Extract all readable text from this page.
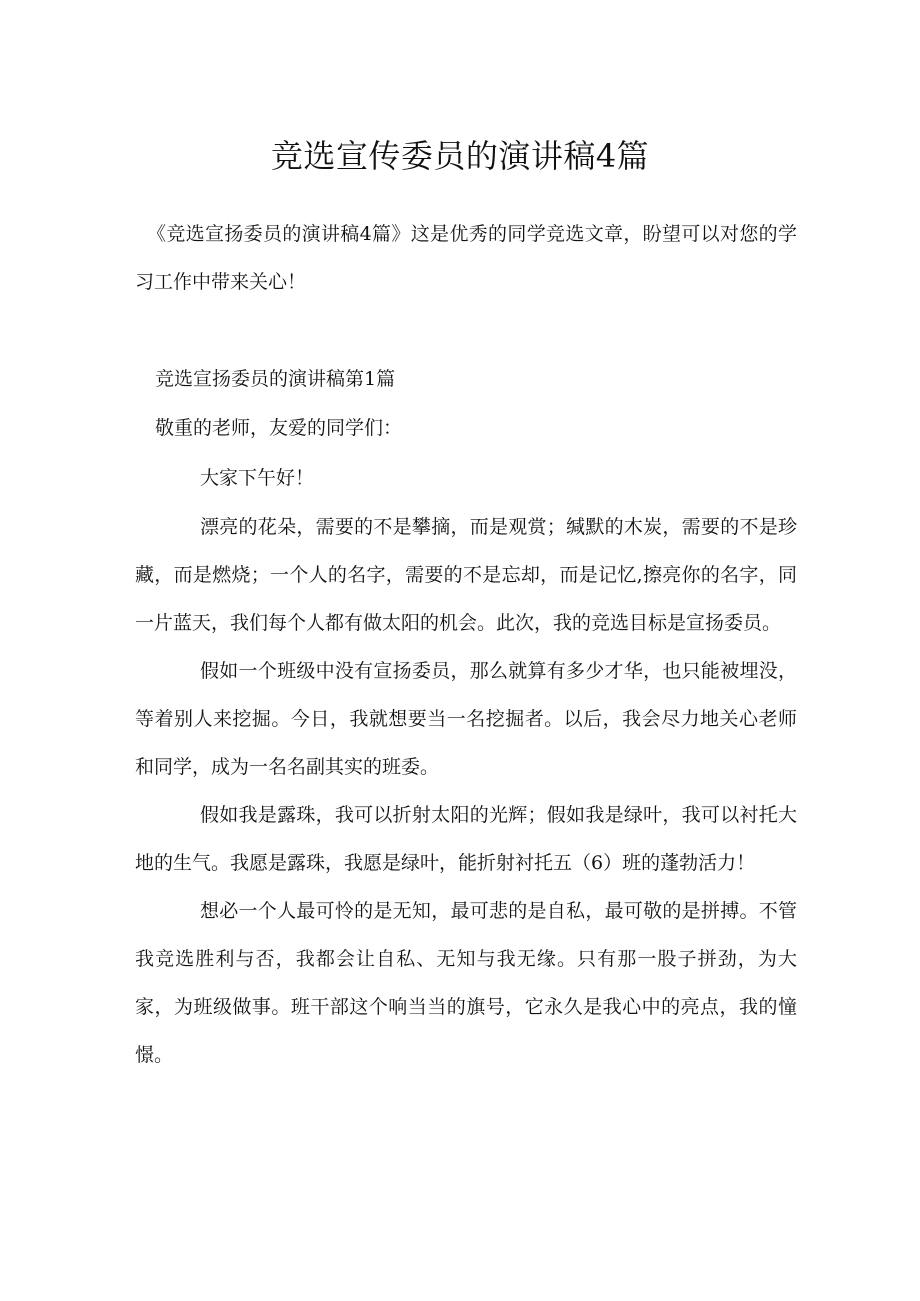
竞选宣传委员的演讲稿4篇

《竞选宣扬委员的演讲稿4篇》这是优秀的同学竞选文章，盼望可以对您的学习工作中带来关心！

竞选宣扬委员的演讲稿第1篇

敬重的老师，友爱的同学们：

大家下午好！

漂亮的花朵，需要的不是攀摘，而是观赏；缄默的木炭，需要的不是珍藏，而是燃烧；一个人的名字，需要的不是忘却，而是记忆,擦亮你的名字，同一片蓝天，我们每个人都有做太阳的机会。此次，我的竞选目标是宣扬委员。

假如一个班级中没有宣扬委员，那么就算有多少才华，也只能被埋没，等着别人来挖掘。今日，我就想要当一名挖掘者。以后，我会尽力地关心老师和同学，成为一名名副其实的班委。

假如我是露珠，我可以折射太阳的光辉；假如我是绿叶，我可以衬托大地的生气。我愿是露珠，我愿是绿叶，能折射衬托五（6）班的蓬勃活力！

想必一个人最可怜的是无知，最可悲的是自私，最可敬的是拼搏。不管我竞选胜利与否，我都会让自私、无知与我无缘。只有那一股子拼劲，为大家，为班级做事。班干部这个响当当的旗号，它永久是我心中的亮点，我的憧憬。
